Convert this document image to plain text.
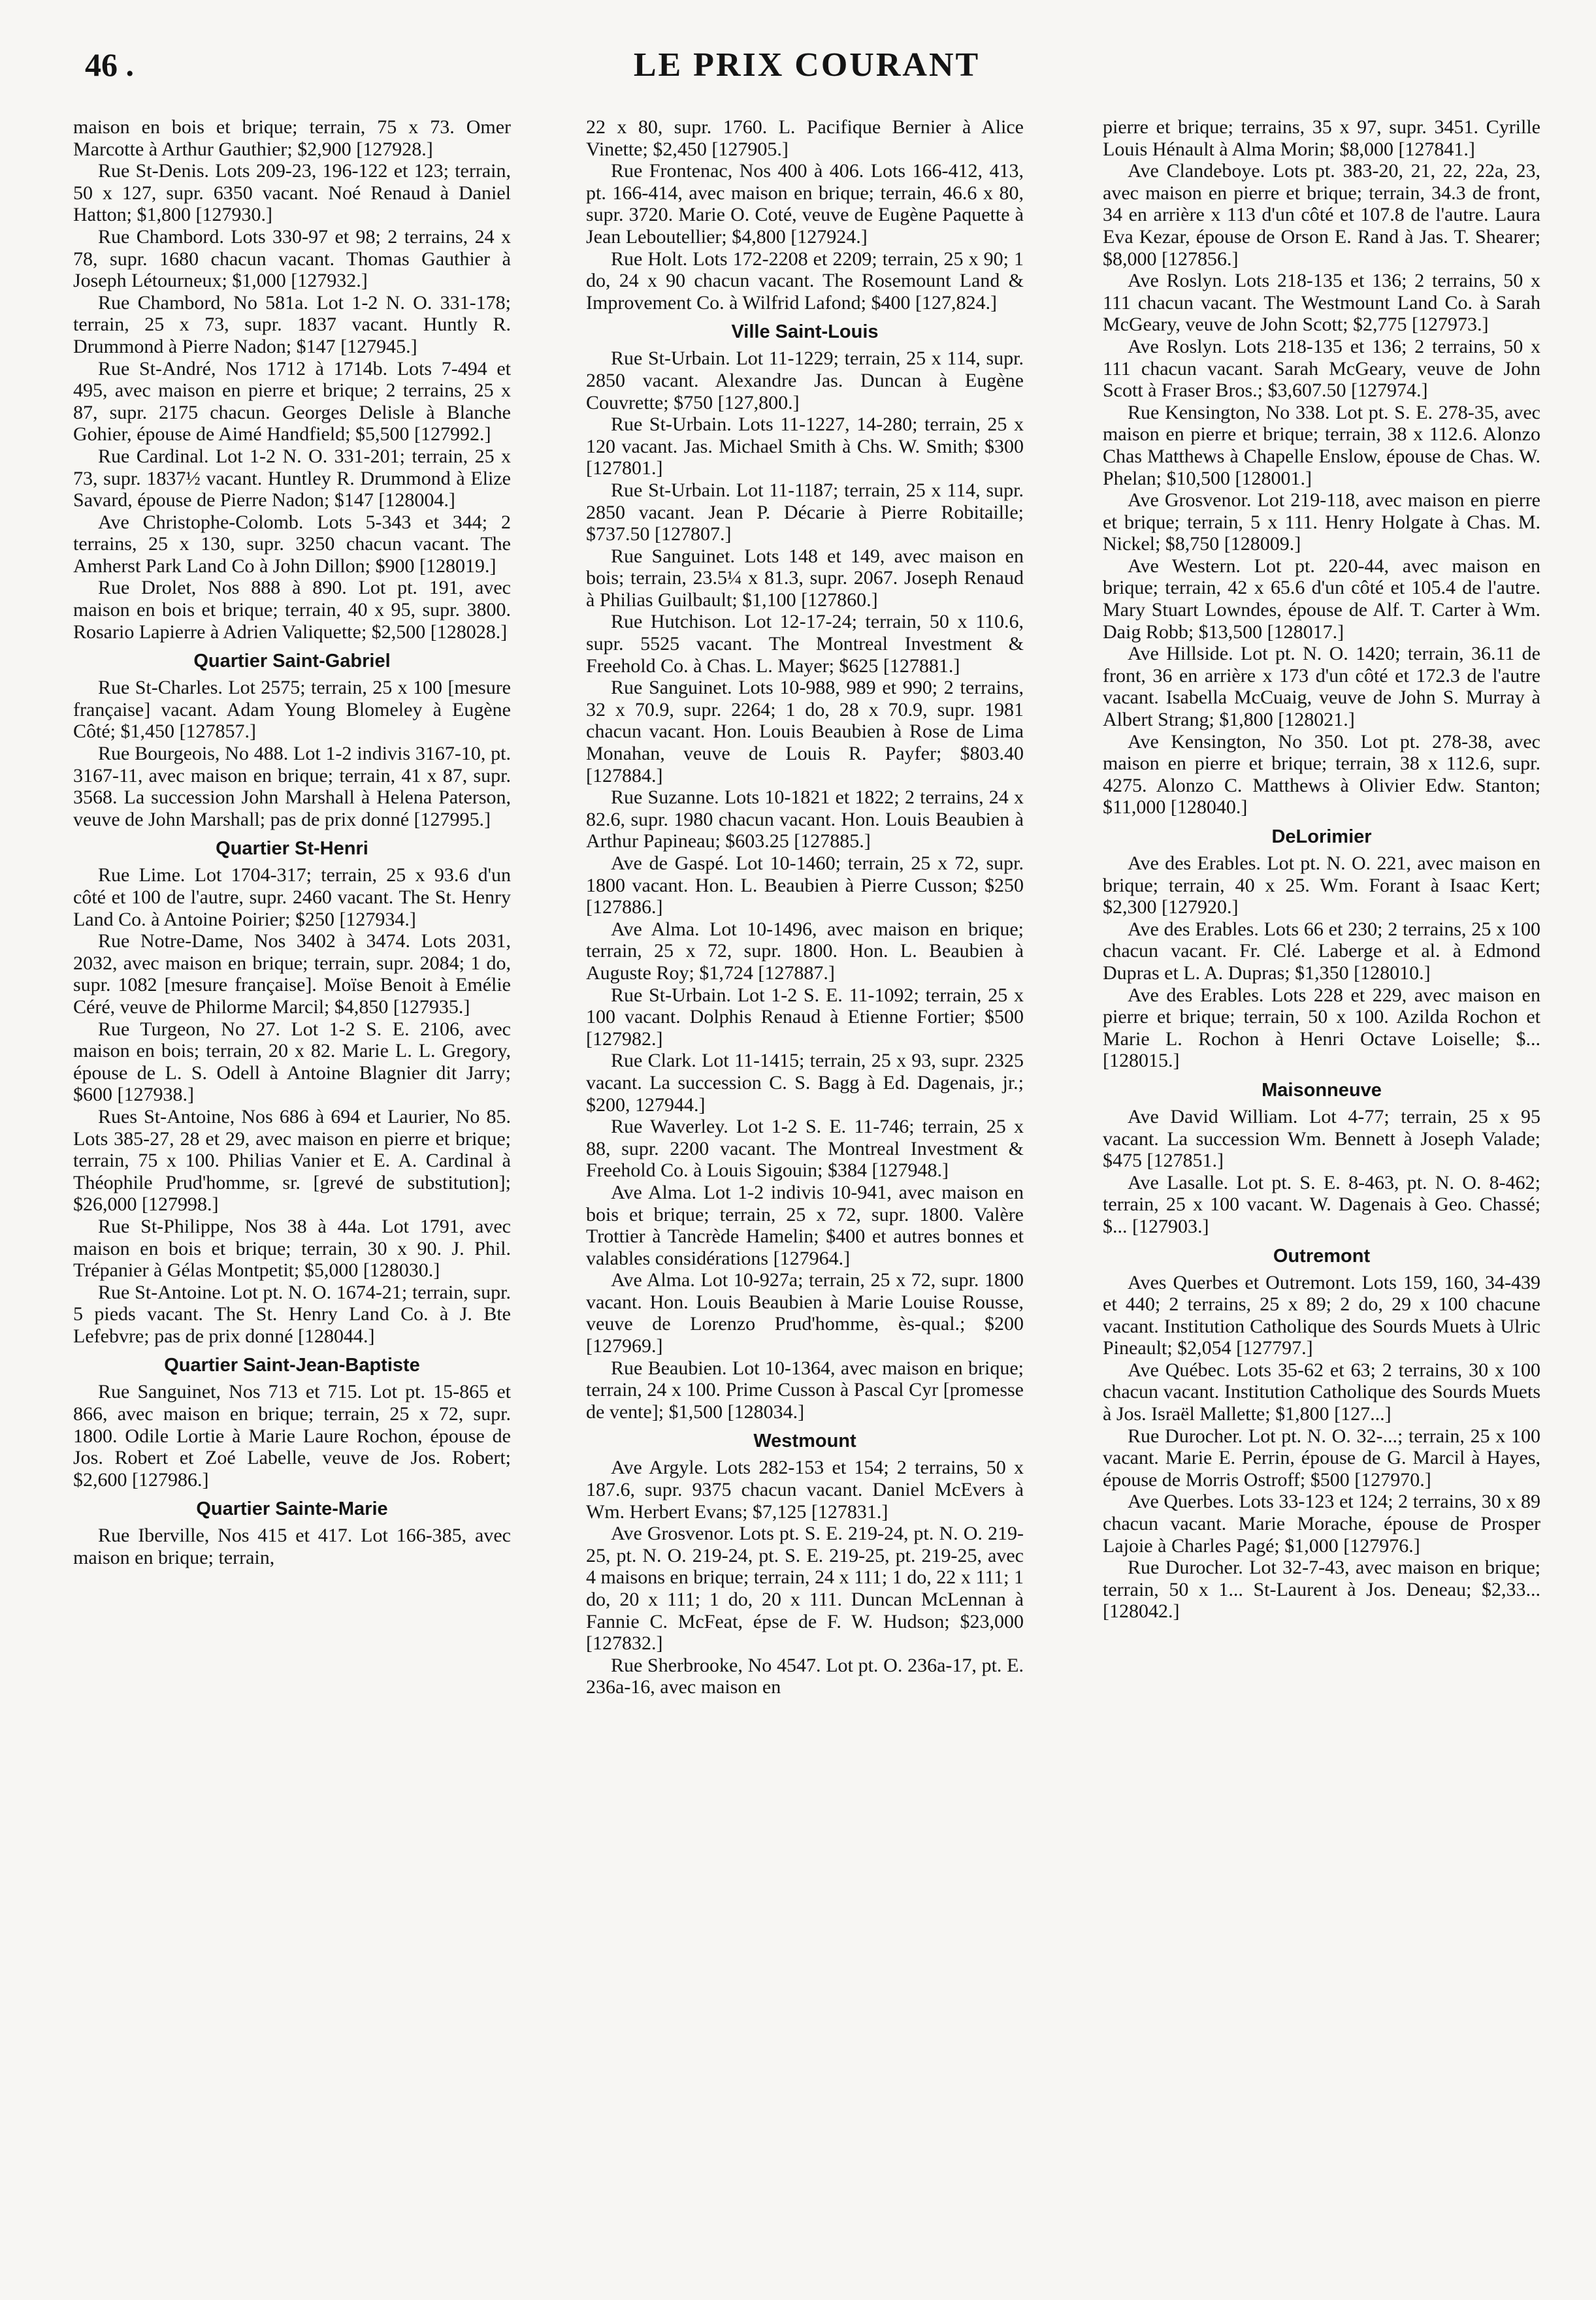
46 .	LE PRIX COURANT

maison en bois et brique; terrain, 75 x 73. Omer Marcotte à Arthur Gauthier; $2,900 [127928.]

Rue St-Denis. Lots 209-23, 196-122 et 123; terrain, 50 x 127, supr. 6350 vacant. Noé Renaud à Daniel Hatton; $1,800 [127930.]

Rue Chambord. Lots 330-97 et 98; 2 terrains, 24 x 78, supr. 1680 chacun vacant. Thomas Gauthier à Joseph Létourneux; $1,000 [127932.]

Rue Chambord, No 581a. Lot 1-2 N. O. 331-178; terrain, 25 x 73, supr. 1837 vacant. Huntly R. Drummond à Pierre Nadon; $147 [127945.]

Rue St-André, Nos 1712 à 1714b. Lots 7-494 et 495, avec maison en pierre et brique; 2 terrains, 25 x 87, supr. 2175 chacun. Georges Delisle à Blanche Gohier, épouse de Aimé Handfield; $5,500 [127992.]

Rue Cardinal. Lot 1-2 N. O. 331-201; terrain, 25 x 73, supr. 1837½ vacant. Huntley R. Drummond à Elize Savard, épouse de Pierre Nadon; $147 [128004.]

Ave Christophe-Colomb. Lots 5-343 et 344; 2 terrains, 25 x 130, supr. 3250 chacun vacant. The Amherst Park Land Co à John Dillon; $900 [128019.]

Rue Drolet, Nos 888 à 890. Lot pt. 191, avec maison en bois et brique; terrain, 40 x 95, supr. 3800. Rosario Lapierre à Adrien Valiquette; $2,500 [128028.]

Quartier Saint-Gabriel

Rue St-Charles. Lot 2575; terrain, 25 x 100 [mesure française] vacant. Adam Young Blomeley à Eugène Côté; $1,450 [127857.]

Rue Bourgeois, No 488. Lot 1-2 indivis 3167-10, pt. 3167-11, avec maison en brique; terrain, 41 x 87, supr. 3568. La succession John Marshall à Helena Paterson, veuve de John Marshall; pas de prix donné [127995.]

Quartier St-Henri

Rue Lime. Lot 1704-317; terrain, 25 x 93.6 d'un côté et 100 de l'autre, supr. 2460 vacant. The St. Henry Land Co. à Antoine Poirier; $250 [127934.]

Rue Notre-Dame, Nos 3402 à 3474. Lots 2031, 2032, avec maison en brique; terrain, supr. 2084; 1 do, supr. 1082 [mesure française]. Moïse Benoit à Emélie Céré, veuve de Philorme Marcil; $4,850 [127935.]

Rue Turgeon, No 27. Lot 1-2 S. E. 2106, avec maison en bois; terrain, 20 x 82. Marie L. L. Gregory, épouse de L. S. Odell à Antoine Blagnier dit Jarry; $600 [127938.]

Rues St-Antoine, Nos 686 à 694 et Laurier, No 85. Lots 385-27, 28 et 29, avec maison en pierre et brique; terrain, 75 x 100. Philias Vanier et E. A. Cardinal à Théophile Prud'homme, sr. [grevé de substitution]; $26,000 [127998.]

Rue St-Philippe, Nos 38 à 44a. Lot 1791, avec maison en bois et brique; terrain, 30 x 90. J. Phil. Trépanier à Gélas Montpetit; $5,000 [128030.]

Rue St-Antoine. Lot pt. N. O. 1674-21; terrain, supr. 5 pieds vacant. The St. Henry Land Co. à J. Bte Lefebvre; pas de prix donné [128044.]

Quartier Saint-Jean-Baptiste

Rue Sanguinet, Nos 713 et 715. Lot pt. 15-865 et 866, avec maison en brique; terrain, 25 x 72, supr. 1800. Odile Lortie à Marie Laure Rochon, épouse de Jos. Robert et Zoé Labelle, veuve de Jos. Robert; $2,600 [127986.]

Quartier Sainte-Marie

Rue Iberville, Nos 415 et 417. Lot 166-385, avec maison en brique; terrain,

22 x 80, supr. 1760. L. Pacifique Bernier à Alice Vinette; $2,450 [127905.]

Rue Frontenac, Nos 400 à 406. Lots 166-412, 413, pt. 166-414, avec maison en brique; terrain, 46.6 x 80, supr. 3720. Marie O. Coté, veuve de Eugène Paquette à Jean Leboutellier; $4,800 [127924.]

Rue Holt. Lots 172-2208 et 2209; terrain, 25 x 90; 1 do, 24 x 90 chacun vacant. The Rosemount Land & Improvement Co. à Wilfrid Lafond; $400 [127,824.]

Ville Saint-Louis

Rue St-Urbain. Lot 11-1229; terrain, 25 x 114, supr. 2850 vacant. Alexandre Jas. Duncan à Eugène Couvrette; $750 [127,800.]

Rue St-Urbain. Lots 11-1227, 14-280; terrain, 25 x 120 vacant. Jas. Michael Smith à Chs. W. Smith; $300 [127801.]

Rue St-Urbain. Lot 11-1187; terrain, 25 x 114, supr. 2850 vacant. Jean P. Décarie à Pierre Robitaille; $737.50 [127807.]

Rue Sanguinet. Lots 148 et 149, avec maison en bois; terrain, 23.5¼ x 81.3, supr. 2067. Joseph Renaud à Philias Guilbault; $1,100 [127860.]

Rue Hutchison. Lot 12-17-24; terrain, 50 x 110.6, supr. 5525 vacant. The Montreal Investment & Freehold Co. à Chas. L. Mayer; $625 [127881.]

Rue Sanguinet. Lots 10-988, 989 et 990; 2 terrains, 32 x 70.9, supr. 2264; 1 do, 28 x 70.9, supr. 1981 chacun vacant. Hon. Louis Beaubien à Rose de Lima Monahan, veuve de Louis R. Payfer; $803.40 [127884.]

Rue Suzanne. Lots 10-1821 et 1822; 2 terrains, 24 x 82.6, supr. 1980 chacun vacant. Hon. Louis Beaubien à Arthur Papineau; $603.25 [127885.]

Ave de Gaspé. Lot 10-1460; terrain, 25 x 72, supr. 1800 vacant. Hon. L. Beaubien à Pierre Cusson; $250 [127886.]

Ave Alma. Lot 10-1496, avec maison en brique; terrain, 25 x 72, supr. 1800. Hon. L. Beaubien à Auguste Roy; $1,724 [127887.]

Rue St-Urbain. Lot 1-2 S. E. 11-1092; terrain, 25 x 100 vacant. Dolphis Renaud à Etienne Fortier; $500 [127982.]

Rue Clark. Lot 11-1415; terrain, 25 x 93, supr. 2325 vacant. La succession C. S. Bagg à Ed. Dagenais, jr.; $200, 127944.]

Rue Waverley. Lot 1-2 S. E. 11-746; terrain, 25 x 88, supr. 2200 vacant. The Montreal Investment & Freehold Co. à Louis Sigouin; $384 [127948.]

Ave Alma. Lot 1-2 indivis 10-941, avec maison en bois et brique; terrain, 25 x 72, supr. 1800. Valère Trottier à Tancrède Hamelin; $400 et autres bonnes et valables considérations [127964.]

Ave Alma. Lot 10-927a; terrain, 25 x 72, supr. 1800 vacant. Hon. Louis Beaubien à Marie Louise Rousse, veuve de Lorenzo Prud'homme, ès-qual.; $200 [127969.]

Rue Beaubien. Lot 10-1364, avec maison en brique; terrain, 24 x 100. Prime Cusson à Pascal Cyr [promesse de vente]; $1,500 [128034.]

Westmount

Ave Argyle. Lots 282-153 et 154; 2 terrains, 50 x 187.6, supr. 9375 chacun vacant. Daniel McEvers à Wm. Herbert Evans; $7,125 [127831.]

Ave Grosvenor. Lots pt. S. E. 219-24, pt. N. O. 219-25, pt. N. O. 219-24, pt. S. E. 219-25, pt. 219-25, avec 4 maisons en brique; terrain, 24 x 111; 1 do, 22 x 111; 1 do, 20 x 111; 1 do, 20 x 111. Duncan McLennan à Fannie C. McFeat, épse de F. W. Hudson; $23,000 [127832.]

Rue Sherbrooke, No 4547. Lot pt. O. 236a-17, pt. E. 236a-16, avec maison en

pierre et brique; terrains, 35 x 97, supr. 3451. Cyrille Louis Hénault à Alma Morin; $8,000 [127841.]

Ave Clandeboye. Lots pt. 383-20, 21, 22, 22a, 23, avec maison en pierre et brique; terrain, 34.3 de front, 34 en arrière x 113 d'un côté et 107.8 de l'autre. Laura Eva Kezar, épouse de Orson E. Rand à Jas. T. Shearer; $8,000 [127856.]

Ave Roslyn. Lots 218-135 et 136; 2 terrains, 50 x 111 chacun vacant. The Westmount Land Co. à Sarah McGeary, veuve de John Scott; $2,775 [127973.]

Ave Roslyn. Lots 218-135 et 136; 2 terrains, 50 x 111 chacun vacant. Sarah McGeary, veuve de John Scott à Fraser Bros.; $3,607.50 [127974.]

Rue Kensington, No 338. Lot pt. S. E. 278-35, avec maison en pierre et brique; terrain, 38 x 112.6. Alonzo Chas Matthews à Chapelle Enslow, épouse de Chas. W. Phelan; $10,500 [128001.]

Ave Grosvenor. Lot 219-118, avec maison en pierre et brique; terrain, 5 x 111. Henry Holgate à Chas. M. Nickel; $8,750 [128009.]

Ave Western. Lot pt. 220-44, avec maison en brique; terrain, 42 x 65.6 d'un côté et 105.4 de l'autre. Mary Stuart Lowndes, épouse de Alf. T. Carter à Wm. Daig Robb; $13,500 [128017.]

Ave Hillside. Lot pt. N. O. 1420; terrain, 36.11 de front, 36 en arrière x 173 d'un côté et 172.3 de l'autre vacant. Isabella McCuaig, veuve de John S. Murray à Albert Strang; $1,800 [128021.]

Ave Kensington, No 350. Lot pt. 278-38, avec maison en pierre et brique; terrain, 38 x 112.6, supr. 4275. Alonzo C. Matthews à Olivier Edw. Stanton; $11,000 [128040.]

DeLorimier

Ave des Erables. Lot pt. N. O. 221, avec maison en brique; terrain, 40 x 25. Wm. Forant à Isaac Kert; $2,300 [127920.]

Ave des Erables. Lots 66 et 230; 2 terrains, 25 x 100 chacun vacant. Fr. Clé. Laberge et al. à Edmond Dupras et L. A. Dupras; $1,350 [128010.]

Ave des Erables. Lots 228 et 229, avec maison en pierre et brique; terrain, 50 x 100. Azilda Rochon et Marie L. Rochon à Henri Octave Loiselle; $... [128015.]

Maisonneuve

Ave David William. Lot 4-77; terrain, 25 x 95 vacant. La succession Wm. Bennett à Joseph Valade; $475 [127851.]

Ave Lasalle. Lot pt. S. E. 8-463, pt. N. O. 8-462; terrain, 25 x 100 vacant. W. Dagenais à Geo. Chassé; $... [127903.]

Outremont

Aves Querbes et Outremont. Lots 159, 160, 34-439 et 440; 2 terrains, 25 x 89; 2 do, 29 x 100 chacune vacant. Institution Catholique des Sourds Muets à Ulric Pineault; $2,054 [127797.]

Ave Québec. Lots 35-62 et 63; 2 terrains, 30 x 100 chacun vacant. Institution Catholique des Sourds Muets à Jos. Israël Mallette; $1,800 [127...]

Rue Durocher. Lot pt. N. O. 32-...; terrain, 25 x 100 vacant. Marie E. Perrin, épouse de G. Marcil à Hayes, épouse de Morris Ostroff; $500 [127970.]

Ave Querbes. Lots 33-123 et 124; 2 terrains, 30 x 89 chacun vacant. Marie Morache, épouse de Prosper Lajoie à Charles Pagé; $1,000 [127976.]

Rue Durocher. Lot 32-7-43, avec maison en brique; terrain, 50 x 1... St-Laurent à Jos. Deneau; $2,33... [128042.]
